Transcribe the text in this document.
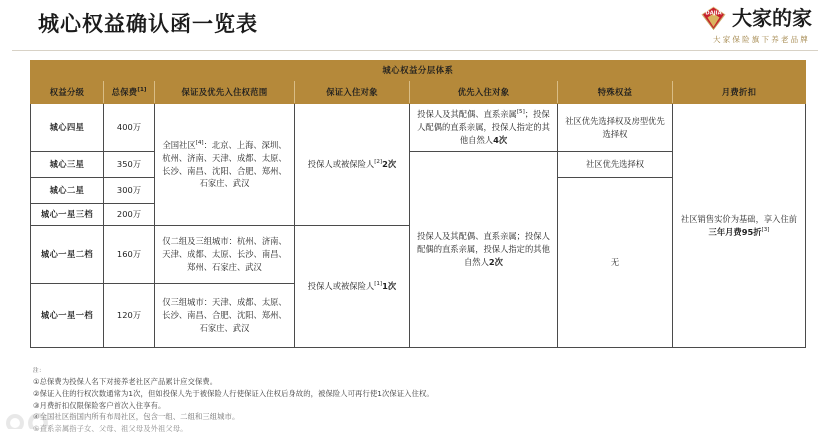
城心权益确认函一览表	DAJIA 大家的家
大家保险旗下养老品牌
城心权益分层体系						
权益分级	总保费[1]	保证及优先入住权范围	保证入住对象	优先入住对象	特殊权益	月费折扣
城心四星	400万	全国社区[4]：北京、上海、深圳、杭州、济南、天津、成都、太原、长沙、南昌、沈阳、合肥、郑州、石家庄、武汉	投保人或被保险人[2]2次	投保人及其配偶、直系亲属[5]；投保人配偶的直系亲属，投保人指定的其他自然人4次	社区优先选择权及房型优先选择权	社区销售实价为基础，享入住前三年月费95折[3]
城心三星	350万			投保人及其配偶、直系亲属；投保人配偶的直系亲属，投保人指定的其他自然人2次	社区优先选择权	
城心二星	300万				无	
城心一星三档	200万					
城心一星二档	160万	仅二组及三组城市：杭州、济南、天津、成都、太原、长沙、南昌、郑州、石家庄、武汉	投保人或被保险人[1]1次			
城心一星一档	120万	仅三组城市：天津、成都、太原、长沙、南昌、合肥、沈阳、郑州、石家庄、武汉				
注：
①总保费为投保人名下对接养老社区产品累计应交保费。
②保证入住的行权次数通常为1次，但如投保人先于被保险人行使保证入住权后身故的，被保险人可再行使1次保证入住权。
③月费折扣仅限保险客户首次入住享有。
④全国社区指国内所有布局社区，包含一组、二组和三组城市。
⑤直系亲属指子女、父母、祖父母及外祖父母。
